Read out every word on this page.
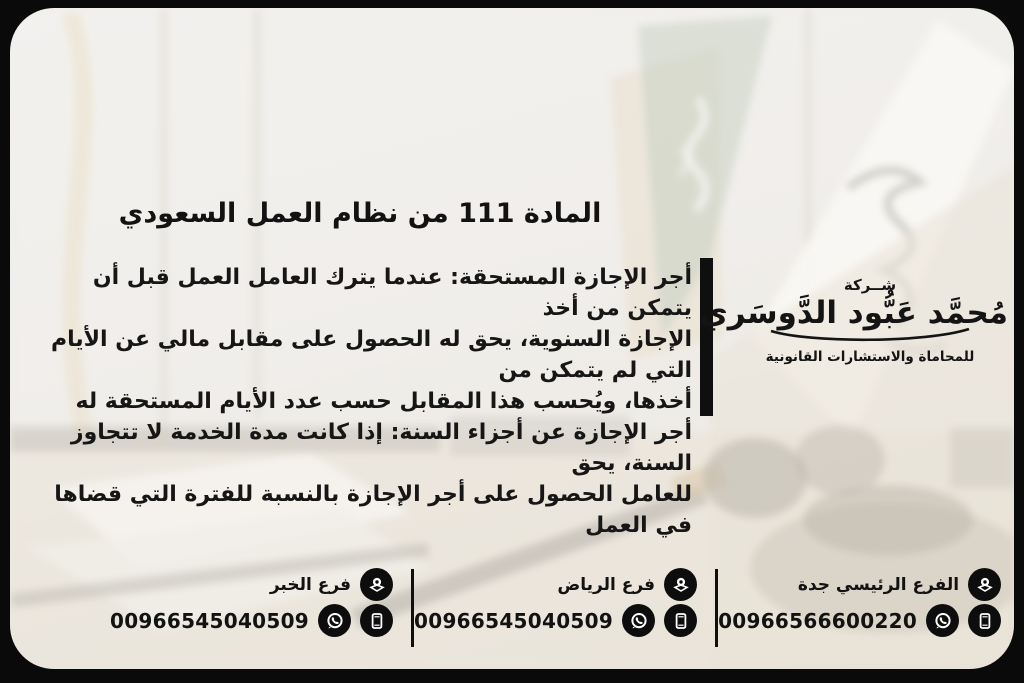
المادة 111 من نظام العمل السعودي
أجر الإجازة المستحقة: عندما يترك العامل العمل قبل أن يتمكن من أخذ
الإجازة السنوية، يحق له الحصول على مقابل مالي عن الأيام التي لم يتمكن من
أخذها، ويُحسب هذا المقابل حسب عدد الأيام المستحقة له
أجر الإجازة عن أجزاء السنة: إذا كانت مدة الخدمة لا تتجاوز السنة، يحق
للعامل الحصول على أجر الإجازة بالنسبة للفترة التي قضاها في العمل
شــركة
مُحمَّد عَبُّود الدَّوسَري
للمحاماة والاستشارات القانونية
فرع الخبر
00966545040509
فرع الرياض
00966545040509
الفرع الرئيسي جدة
00966566600220
